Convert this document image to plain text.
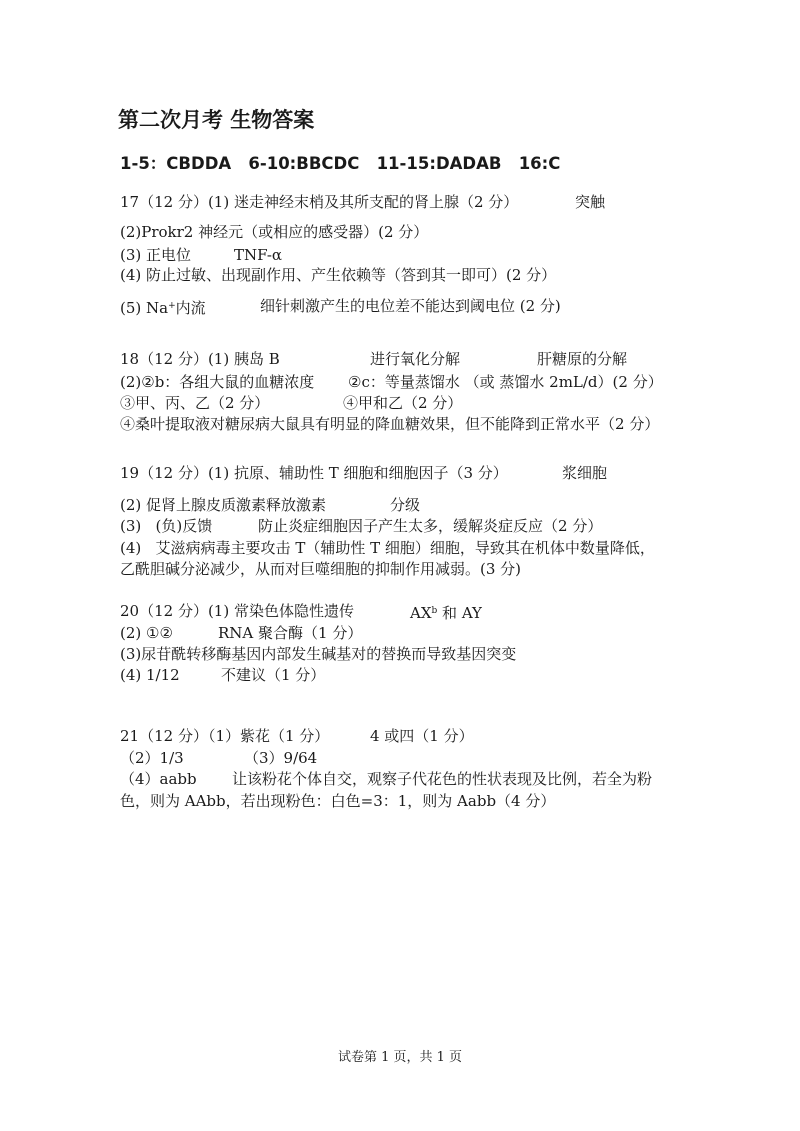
第二次月考 生物答案
1-5：CBDDA   6-10:BBCDC   11-15:DADAB   16:C
17（12 分）(1) 迷走神经末梢及其所支配的肾上腺（2 分）	突触
(2)Prokr2 神经元（或相应的感受器）(2 分）
(3) 正电位	TNF-α
(4) 防止过敏、出现副作用、产生依赖等（答到其一即可）(2 分）
(5) Na+内流	细针刺激产生的电位差不能达到阈电位 (2 分)
18（12 分）(1) 胰岛 B	进行氧化分解	肝糖原的分解
(2)②b：各组大鼠的血糖浓度 ②c：等量蒸馏水 （或 蒸馏水 2mL/d）(2 分）
③甲、丙、乙（2 分）	④甲和乙（2 分）
④桑叶提取液对糖尿病大鼠具有明显的降血糖效果，但不能降到正常水平（2 分）
19（12 分）(1) 抗原、辅助性 T 细胞和细胞因子（3 分）	浆细胞
(2) 促肾上腺皮质激素释放激素	分级
(3)   (负)反馈	防止炎症细胞因子产生太多，缓解炎症反应（2 分）
(4)   艾滋病病毒主要攻击 T（辅助性 T 细胞）细胞，导致其在机体中数量降低，
乙酰胆碱分泌减少，从而对巨噬细胞的抑制作用减弱。(3 分)
20（12 分）(1) 常染色体隐性遗传	$AX^b$ 和 AY
(2) ①②	RNA 聚合酶（1 分）
(3)尿苷酰转移酶基因内部发生碱基对的替换而导致基因突变
(4) 1/12	不建议（1 分）
21（12 分）（1）紫花（1 分）	4 或四（1 分）
（2）1/3	（3）9/64
（4）aabb 让该粉花个体自交，观察子代花色的性状表现及比例，若全为粉
色，则为 AAbb，若出现粉色：白色=3：1，则为 Aabb（4 分）
试卷第 1 页，共 1 页
